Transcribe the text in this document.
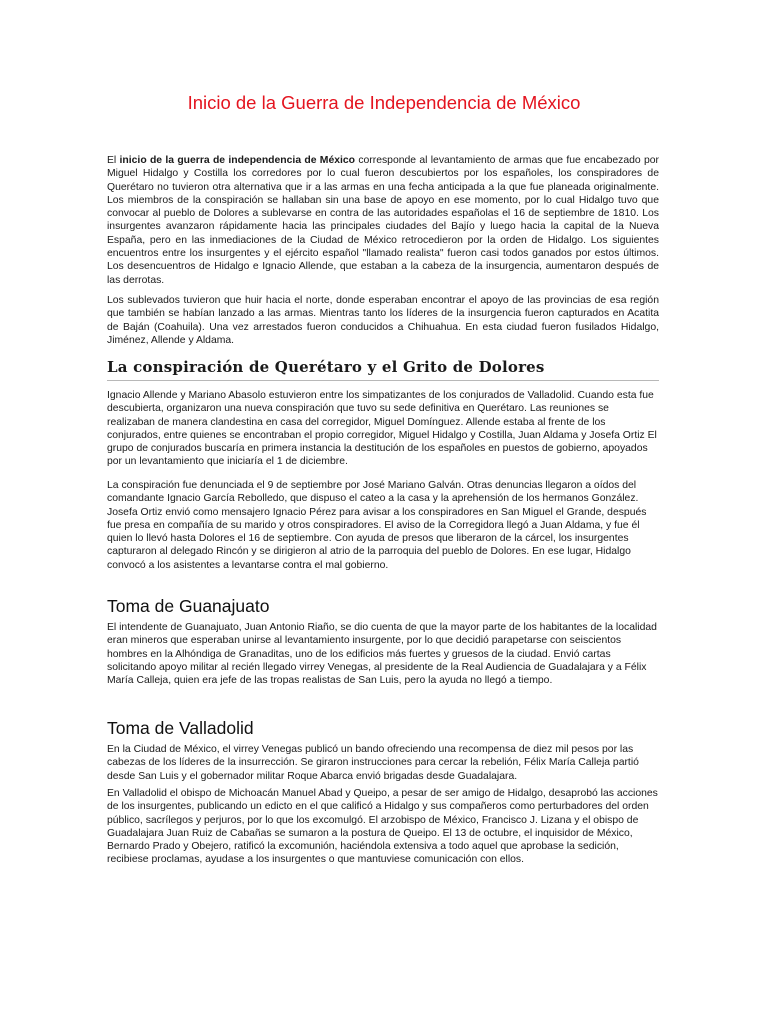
Inicio de la Guerra de Independencia de México

El inicio de la guerra de independencia de México corresponde al levantamiento de armas que fue encabezado por Miguel Hidalgo y Costilla los corredores por lo cual fueron descubiertos por los españoles, los conspiradores de Querétaro no tuvieron otra alternativa que ir a las armas en una fecha anticipada a la que fue planeada originalmente. Los miembros de la conspiración se hallaban sin una base de apoyo en ese momento, por lo cual Hidalgo tuvo que convocar al pueblo de Dolores a sublevarse en contra de las autoridades españolas el 16 de septiembre de 1810. Los insurgentes avanzaron rápidamente hacia las principales ciudades del Bajío y luego hacia la capital de la Nueva España, pero en las inmediaciones de la Ciudad de México retrocedieron por la orden de Hidalgo. Los siguientes encuentros entre los insurgentes y el ejército español "llamado realista" fueron casi todos ganados por estos últimos. Los desencuentros de Hidalgo e Ignacio Allende, que estaban a la cabeza de la insurgencia, aumentaron después de las derrotas.

Los sublevados tuvieron que huir hacia el norte, donde esperaban encontrar el apoyo de las provincias de esa región que también se habían lanzado a las armas. Mientras tanto los líderes de la insurgencia fueron capturados en Acatita de Baján (Coahuila). Una vez arrestados fueron conducidos a Chihuahua. En esta ciudad fueron fusilados Hidalgo, Jiménez, Allende y Aldama.

La conspiración de Querétaro y el Grito de Dolores

Ignacio Allende y Mariano Abasolo estuvieron entre los simpatizantes de los conjurados de Valladolid. Cuando esta fue descubierta, organizaron una nueva conspiración que tuvo su sede definitiva en Querétaro. Las reuniones se realizaban de manera clandestina en casa del corregidor, Miguel Domínguez. Allende estaba al frente de los conjurados, entre quienes se encontraban el propio corregidor, Miguel Hidalgo y Costilla, Juan Aldama y Josefa Ortiz El grupo de conjurados buscaría en primera instancia la destitución de los españoles en puestos de gobierno, apoyados por un levantamiento que iniciaría el 1 de diciembre.

La conspiración fue denunciada el 9 de septiembre por José Mariano Galván. Otras denuncias llegaron a oídos del comandante Ignacio García Rebolledo, que dispuso el cateo a la casa y la aprehensión de los hermanos González. Josefa Ortiz envió como mensajero Ignacio Pérez para avisar a los conspiradores en San Miguel el Grande, después fue presa en compañía de su marido y otros conspiradores. El aviso de la Corregidora llegó a Juan Aldama, y fue él quien lo llevó hasta Dolores el 16 de septiembre. Con ayuda de presos que liberaron de la cárcel, los insurgentes capturaron al delegado Rincón y se dirigieron al atrio de la parroquia del pueblo de Dolores. En ese lugar, Hidalgo convocó a los asistentes a levantarse contra el mal gobierno.

Toma de Guanajuato

El intendente de Guanajuato, Juan Antonio Riaño, se dio cuenta de que la mayor parte de los habitantes de la localidad eran mineros que esperaban unirse al levantamiento insurgente, por lo que decidió parapetarse con seiscientos hombres en la Alhóndiga de Granaditas, uno de los edificios más fuertes y gruesos de la ciudad. Envió cartas solicitando apoyo militar al recién llegado virrey Venegas, al presidente de la Real Audiencia de Guadalajara y a Félix María Calleja, quien era jefe de las tropas realistas de San Luis, pero la ayuda no llegó a tiempo.

Toma de Valladolid

En la Ciudad de México, el virrey Venegas publicó un bando ofreciendo una recompensa de diez mil pesos por las cabezas de los líderes de la insurrección. Se giraron instrucciones para cercar la rebelión, Félix María Calleja partió desde San Luis y el gobernador militar Roque Abarca envió brigadas desde Guadalajara.

En Valladolid el obispo de Michoacán Manuel Abad y Queipo, a pesar de ser amigo de Hidalgo, desaprobó las acciones de los insurgentes, publicando un edicto en el que calificó a Hidalgo y sus compañeros como perturbadores del orden público, sacrílegos y perjuros, por lo que los excomulgó. El arzobispo de México, Francisco J. Lizana y el obispo de Guadalajara Juan Ruiz de Cabañas se sumaron a la postura de Queipo. El 13 de octubre, el inquisidor de México, Bernardo Prado y Obejero, ratificó la excomunión, haciéndola extensiva a todo aquel que aprobase la sedición, recibiese proclamas, ayudase a los insurgentes o que mantuviese comunicación con ellos.
